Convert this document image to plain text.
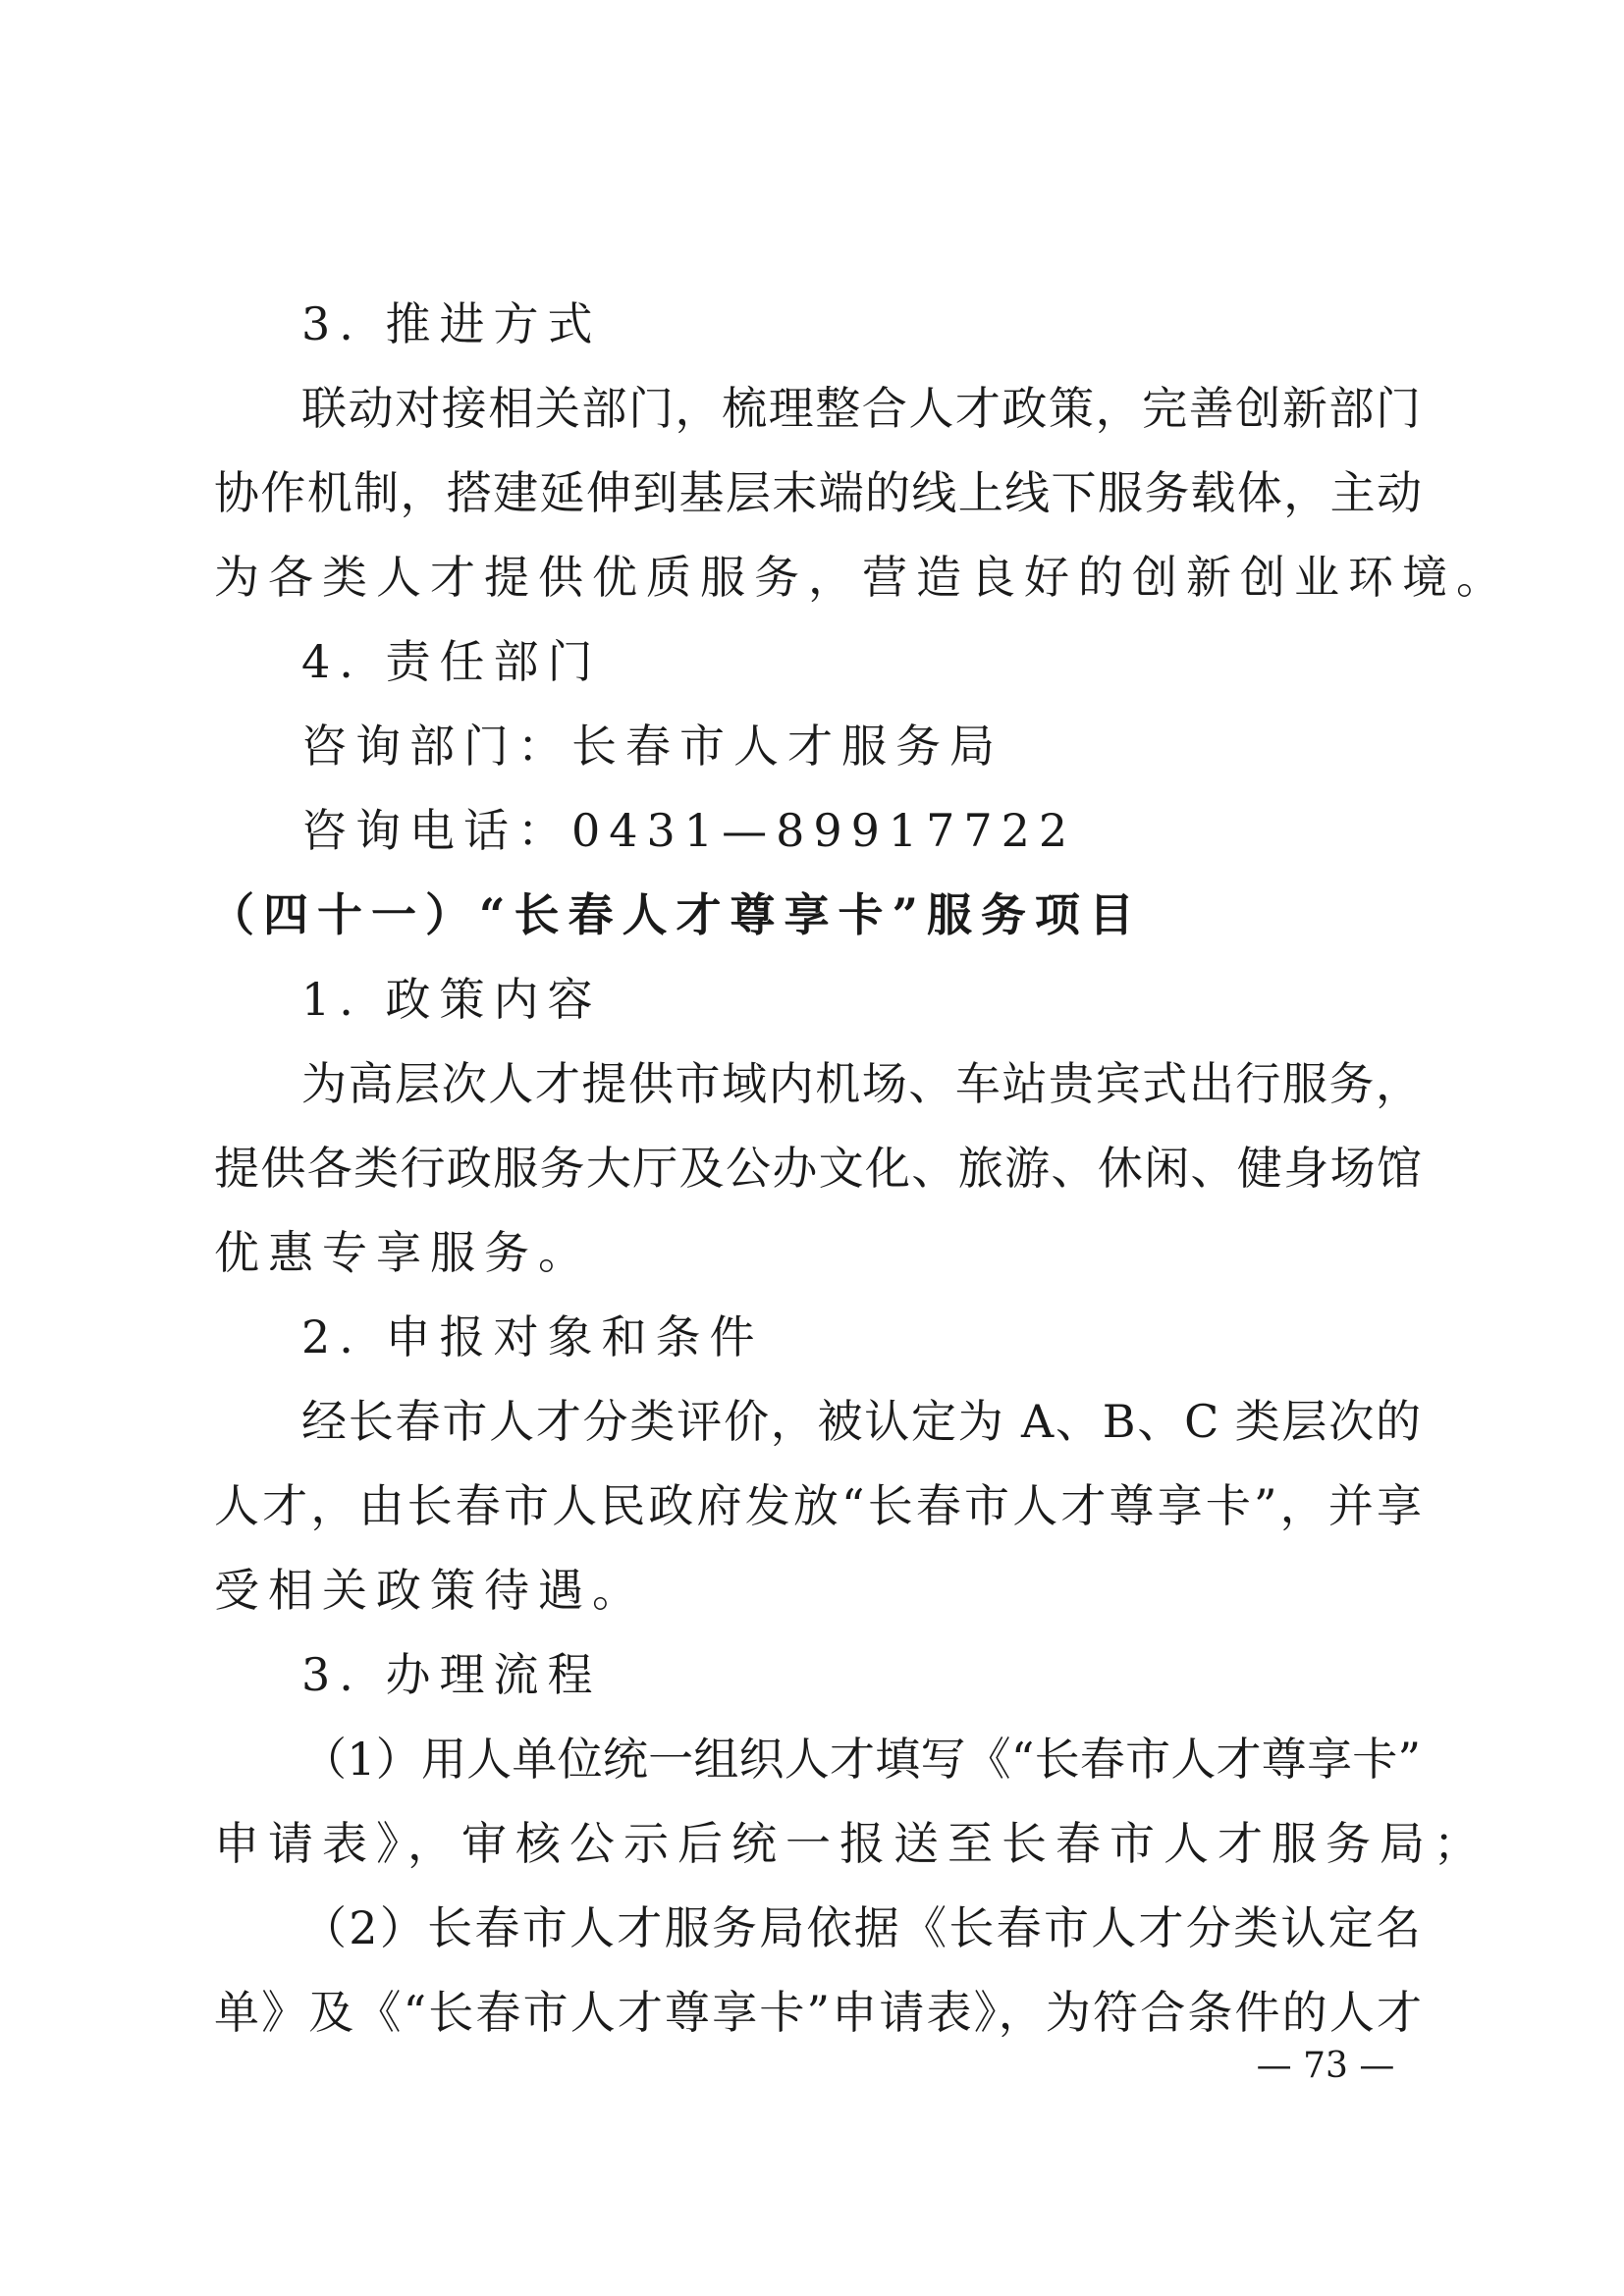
3. 推进方式
联动对接相关部门，梳理整合人才政策，完善创新部门
协作机制，搭建延伸到基层末端的线上线下服务载体，主动
为各类人才提供优质服务，营造良好的创新创业环境。
4. 责任部门
咨询部门：长春市人才服务局
咨询电话：0431—89917722
（四十一）“长春人才尊享卡”服务项目
1. 政策内容
为高层次人才提供市域内机场、车站贵宾式出行服务，
提供各类行政服务大厅及公办文化、旅游、休闲、健身场馆
优惠专享服务。
2. 申报对象和条件
经长春市人才分类评价，被认定为 A、B、C 类层次的
人才，由长春市人民政府发放“长春市人才尊享卡”，并享
受相关政策待遇。
3. 办理流程
（1）用人单位统一组织人才填写《“长春市人才尊享卡”
申请表》，审核公示后统一报送至长春市人才服务局；
（2）长春市人才服务局依据《长春市人才分类认定名
单》及《“长春市人才尊享卡”申请表》，为符合条件的人才
— 73 —
